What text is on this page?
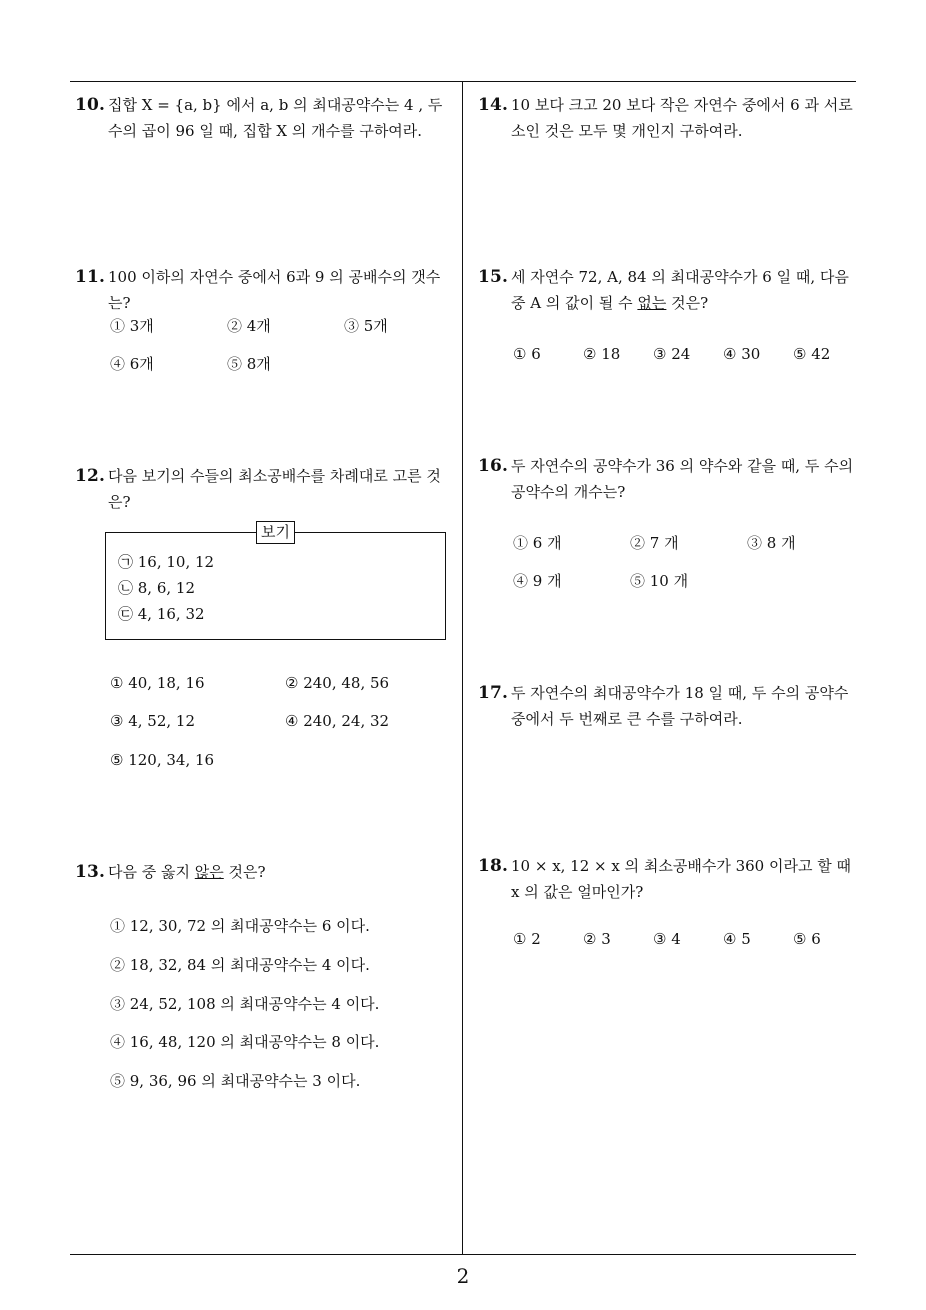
10. 집합 X = {a, b} 에서 a, b 의 최대공약수는 4 , 두 수의 곱이 96 일 때, 집합 X 의 개수를 구하여라.
11. 100 이하의 자연수 중에서 6과 9 의 공배수의 갯수는?
① 3개	② 4개	③ 5개
④ 6개	⑤ 8개
12. 다음 보기의 수들의 최소공배수를 차례대로 고른 것은?
보기
㉠ 16, 10, 12
㉡ 8, 6, 12
㉢ 4, 16, 32
① 40, 18, 16	② 240, 48, 56
③ 4, 52, 12	④ 240, 24, 32
⑤ 120, 34, 16
13. 다음 중 옳지 않은 것은?
① 12, 30, 72 의 최대공약수는 6 이다.
② 18, 32, 84 의 최대공약수는 4 이다.
③ 24, 52, 108 의 최대공약수는 4 이다.
④ 16, 48, 120 의 최대공약수는 8 이다.
⑤ 9, 36, 96 의 최대공약수는 3 이다.
14. 10 보다 크고 20 보다 작은 자연수 중에서 6 과 서로소인 것은 모두 몇 개인지 구하여라.
15. 세 자연수 72, A, 84 의 최대공약수가 6 일 때, 다음 중 A 의 값이 될 수 없는 것은?
① 6	② 18 ③ 24 ④ 30 ⑤ 42
16. 두 자연수의 공약수가 36 의 약수와 같을 때, 두 수의 공약수의 개수는?
① 6 개	② 7 개	③ 8 개
④ 9 개	⑤ 10 개
17. 두 자연수의 최대공약수가 18 일 때, 두 수의 공약수 중에서 두 번째로 큰 수를 구하여라.
18. 10 × x, 12 × x 의 최소공배수가 360 이라고 할 때 x 의 값은 얼마인가?
① 2	② 3	③ 4	④ 5	⑤ 6
2
